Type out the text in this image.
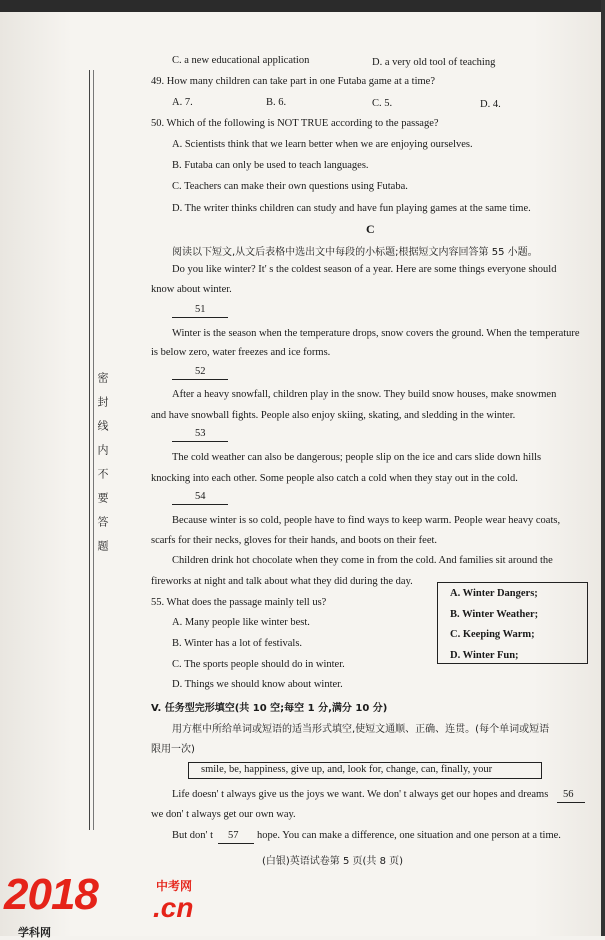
密封线内不要答题
C. a new educational application	D. a very old tool of teaching
49. How many children can take part in one Futaba game at a time?
A. 7.	B. 6.	C. 5.	D. 4.
50. Which of the following is NOT TRUE according to the passage?
A. Scientists think that we learn better when we are enjoying ourselves.
B. Futaba can only be used to teach languages.
C. Teachers can make their own questions using Futaba.
D. The writer thinks children can study and have fun playing games at the same time.
C
阅读以下短文,从文后表格中选出文中每段的小标题;根据短文内容回答第 55 小题。
Do you like winter? It' s the coldest season of a year. Here are some things everyone should
know about winter.
51
Winter is the season when the temperature drops, snow covers the ground. When the temperature
is below zero, water freezes and ice forms.
52
After a heavy snowfall, children play in the snow. They build snow houses, make snowmen
and have snowball fights. People also enjoy skiing, skating, and sledding in the winter.
53
The cold weather can also be dangerous; people slip on the ice and cars slide down hills
knocking into each other. Some people also catch a cold when they stay out in the cold.
54
Because winter is so cold, people have to find ways to keep warm. People wear heavy coats,
scarfs for their necks, gloves for their hands, and boots on their feet.
Children drink hot chocolate when they come in from the cold. And families sit around the
fireworks at night and talk about what they did during the day.
A. Winter Dangers;
B. Winter Weather;
C. Keeping Warm;
D. Winter Fun;
55. What does the passage mainly tell us?
A. Many people like winter best.
B. Winter has a lot of festivals.
C. The sports people should do in winter.
D. Things we should know about winter.
V. 任务型完形填空(共 10 空;每空 1 分,满分 10 分)
用方框中所给单词或短语的适当形式填空,使短文通顺、正确、连贯。(每个单词或短语
限用一次)
smile, be, happiness, give up, and, look for, change, can, finally, your
Life doesn' t always give us the joys we want. We don' t always get our hopes and dreams 56
we don' t always get our own way.
But don' t 57 hope. You can make a difference, one situation and one person at a time.
(白银)英语试卷第 5 页(共 8 页)
2018	中考网
.cn
学科网
